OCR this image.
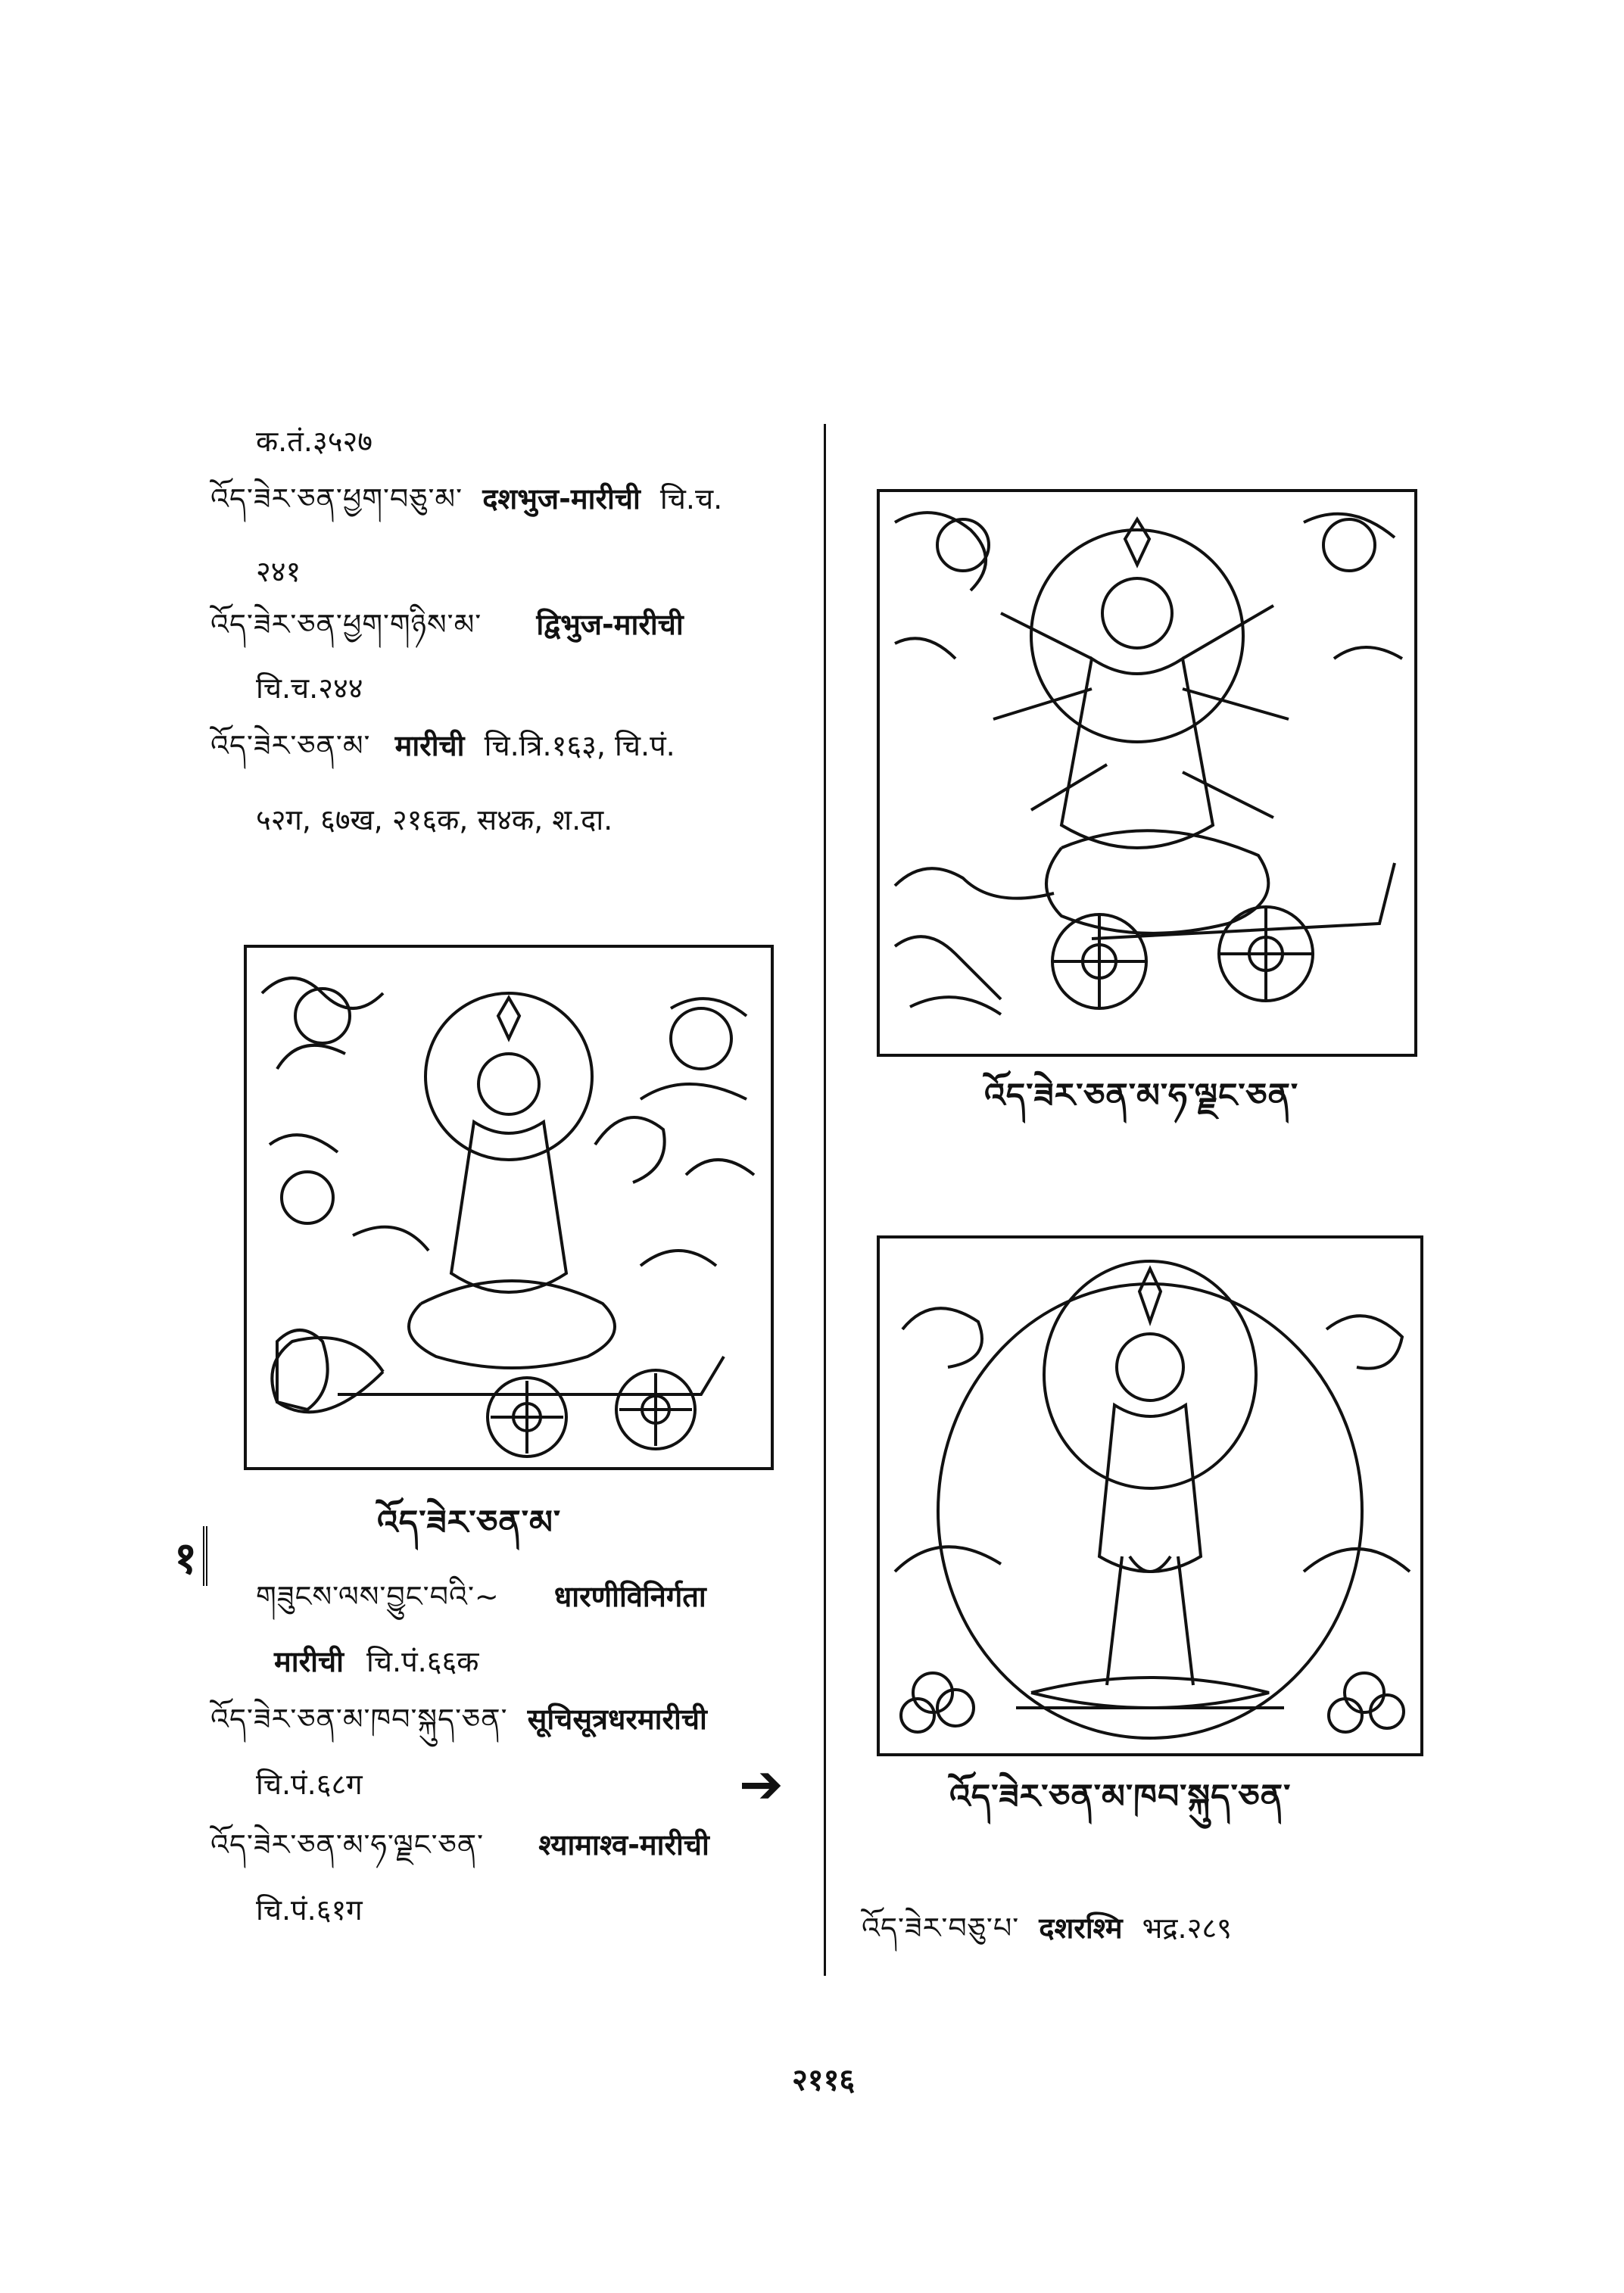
क.तं.३५२७
འོད་ཟེར་ཅན་ཕྱག་བཅུ་མ་ दशभुज-मारीची चि.च.
२४१
འོད་ཟེར་ཅན་ཕྱག་གཉིས་མ་ द्विभुज-मारीची
चि.च.२४४
འོད་ཟེར་ཅན་མ་ मारीची चि.त्रि.१६३, चि.पं.
५२ग, ६७ख, २१६क, स४क, श.दा.
འོད་ཟེར་ཅན་མ་
१
གཟུངས་ལས་བྱུང་བའི་~ धारणीविनिर्गता
मारीची चि.पं.६६क
འོད་ཟེར་ཅན་མ་ཁབ་སྐུད་ཅན་ सूचिसूत्रधरमारीची
चि.पं.६८ग	➔
འོད་ཟེར་ཅན་མ་ཧ་ལྗང་ཅན་ श्यामाश्व-मारीची
चि.पं.६१ग
འོད་ཟེར་ཅན་མ་ཧ་ལྗང་ཅན་
འོད་ཟེར་ཅན་མ་ཁབ་སྐུད་ཅན་
འོད་ཟེར་བཅུ་པ་ दशरश्मि भद्र.२८९
२११६
